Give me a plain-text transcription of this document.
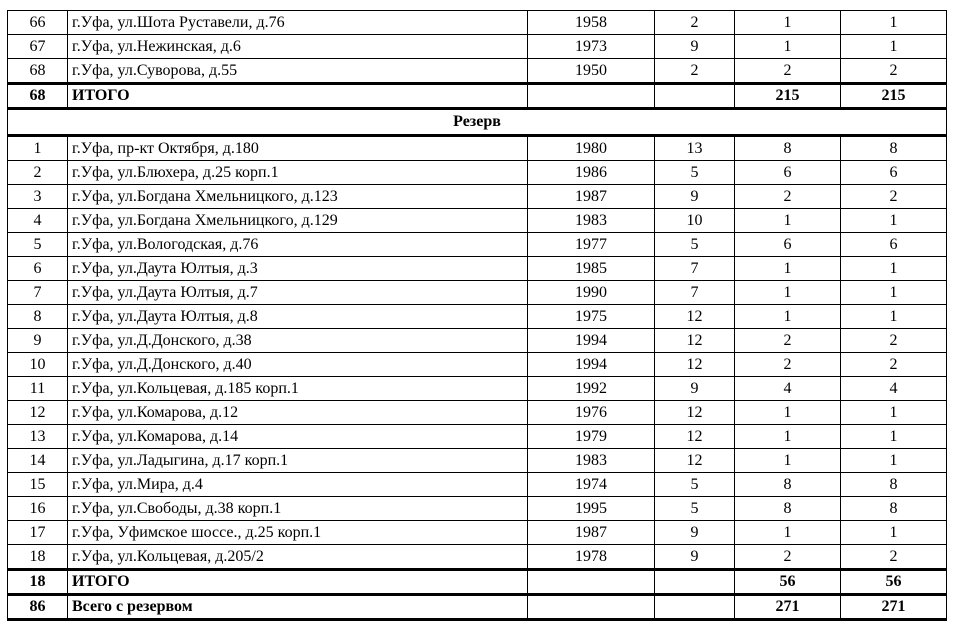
66	г.Уфа, ул.Шота Руставели, д.76	1958	2	1	1
67	г.Уфа, ул.Нежинская, д.6	1973	9	1	1
68	г.Уфа, ул.Суворова, д.55	1950	2	2	2
68	ИТОГО			215	215
Резерв					
1	г.Уфа, пр-кт Октября, д.180	1980	13	8	8
2	г.Уфа, ул.Блюхера, д.25 корп.1	1986	5	6	6
3	г.Уфа, ул.Богдана Хмельницкого, д.123	1987	9	2	2
4	г.Уфа, ул.Богдана Хмельницкого, д.129	1983	10	1	1
5	г.Уфа, ул.Вологодская, д.76	1977	5	6	6
6	г.Уфа, ул.Даута Юлтыя, д.3	1985	7	1	1
7	г.Уфа, ул.Даута Юлтыя, д.7	1990	7	1	1
8	г.Уфа, ул.Даута Юлтыя, д.8	1975	12	1	1
9	г.Уфа, ул.Д.Донского, д.38	1994	12	2	2
10	г.Уфа, ул.Д.Донского, д.40	1994	12	2	2
11	г.Уфа, ул.Кольцевая, д.185 корп.1	1992	9	4	4
12	г.Уфа, ул.Комарова, д.12	1976	12	1	1
13	г.Уфа, ул.Комарова, д.14	1979	12	1	1
14	г.Уфа, ул.Ладыгина, д.17 корп.1	1983	12	1	1
15	г.Уфа, ул.Мира, д.4	1974	5	8	8
16	г.Уфа, ул.Свободы, д.38 корп.1	1995	5	8	8
17	г.Уфа, Уфимское шоссе., д.25 корп.1	1987	9	1	1
18	г.Уфа, ул.Кольцевая, д.205/2	1978	9	2	2
18	ИТОГО			56	56
86	Всего с резервом			271	271
